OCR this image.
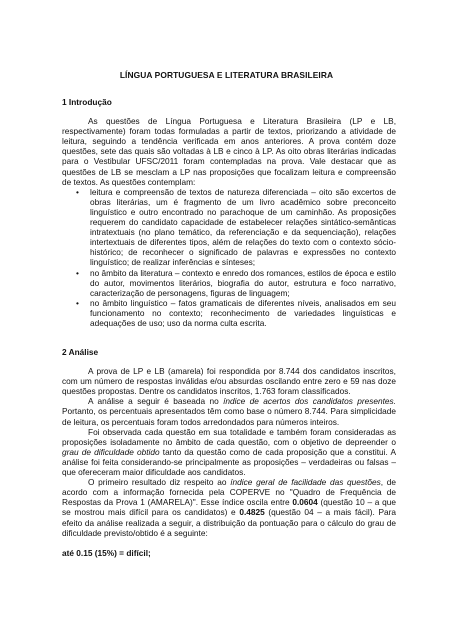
LÍNGUA PORTUGUESA E LITERATURA BRASILEIRA
1 Introdução

As questões de Língua Portuguesa e Literatura Brasileira (LP e LB, respectivamente) foram todas formuladas a partir de textos, priorizando a atividade de leitura, seguindo a tendência verificada em anos anteriores. A prova contém doze questões, sete das quais são voltadas à LB e cinco à LP. As oito obras literárias indicadas para o Vestibular UFSC/2011 foram contempladas na prova. Vale destacar que as questões de LB se mesclam a LP nas proposições que focalizam leitura e compreensão de textos. As questões contemplam:

• leitura e compreensão de textos de natureza diferenciada – oito são excertos de obras literárias, um é fragmento de um livro acadêmico sobre preconceito linguístico e outro encontrado no parachoque de um caminhão. As proposições requerem do candidato capacidade de estabelecer relações sintático-semânticas intratextuais (no plano temático, da referenciação e da sequenciação), relações intertextuais de diferentes tipos, além de relações do texto com o contexto sócio-histórico; de reconhecer o significado de palavras e expressões no contexto linguístico; de realizar inferências e sínteses;
• no âmbito da literatura – contexto e enredo dos romances, estilos de época e estilo do autor, movimentos literários, biografia do autor, estrutura e foco narrativo, caracterização de personagens, figuras de linguagem;
• no âmbito linguístico – fatos gramaticais de diferentes níveis, analisados em seu funcionamento no contexto; reconhecimento de variedades linguísticas e adequações de uso; uso da norma culta escrita.
2 Análise

A prova de LP e LB (amarela) foi respondida por 8.744 dos candidatos inscritos, com um número de respostas inválidas e/ou absurdas oscilando entre zero e 59 nas doze questões propostas. Dentre os candidatos inscritos, 1.763 foram classificados.

A análise a seguir é baseada no índice de acertos dos candidatos presentes. Portanto, os percentuais apresentados têm como base o número 8.744. Para simplicidade de leitura, os percentuais foram todos arredondados para números inteiros.

Foi observada cada questão em sua totalidade e também foram consideradas as proposições isoladamente no âmbito de cada questão, com o objetivo de depreender o grau de dificuldade obtido tanto da questão como de cada proposição que a constitui. A análise foi feita considerando-se principalmente as proposições – verdadeiras ou falsas – que ofereceram maior dificuldade aos candidatos.

O primeiro resultado diz respeito ao índice geral de facilidade das questões, de acordo com a informação fornecida pela COPERVE no "Quadro de Frequência de Respostas da Prova 1 (AMARELA)". Esse índice oscila entre 0.0604 (questão 10 – a que se mostrou mais difícil para os candidatos) e 0.4825 (questão 04 – a mais fácil). Para efeito da análise realizada a seguir, a distribuição da pontuação para o cálculo do grau de dificuldade previsto/obtido é a seguinte:

até 0.15 (15%) = difícil;
